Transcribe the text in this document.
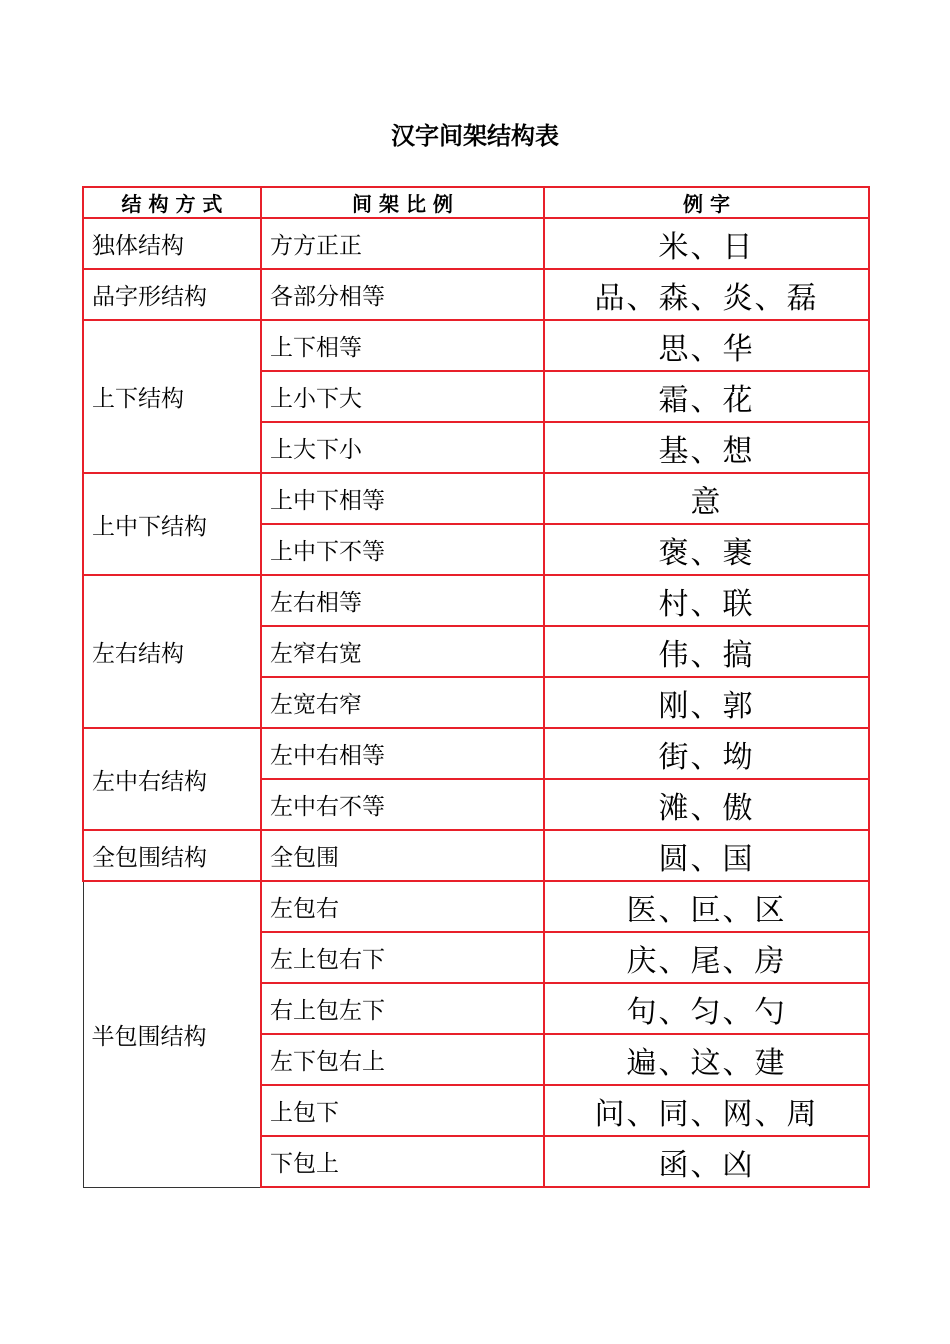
汉字间架结构表
结 构 方 式	间 架 比 例	例 字
独体结构	方方正正	米、日
品字形结构	各部分相等	品、森、炎、磊
上下结构	上下相等	思、华
	上小下大	霜、花
	上大下小	基、想
上中下结构	上中下相等	意
	上中下不等	褒、裹
左右结构	左右相等	村、联
	左窄右宽	伟、搞
	左宽右窄	刚、郭
左中右结构	左中右相等	街、坳
	左中右不等	滩、傲
全包围结构	全包围	圆、国
半包围结构	左包右	医、叵、区
	左上包右下	庆、尾、房
	右上包左下	句、匀、勺
	左下包右上	遍、这、建
	上包下	问、同、网、周
	下包上	函、凶
